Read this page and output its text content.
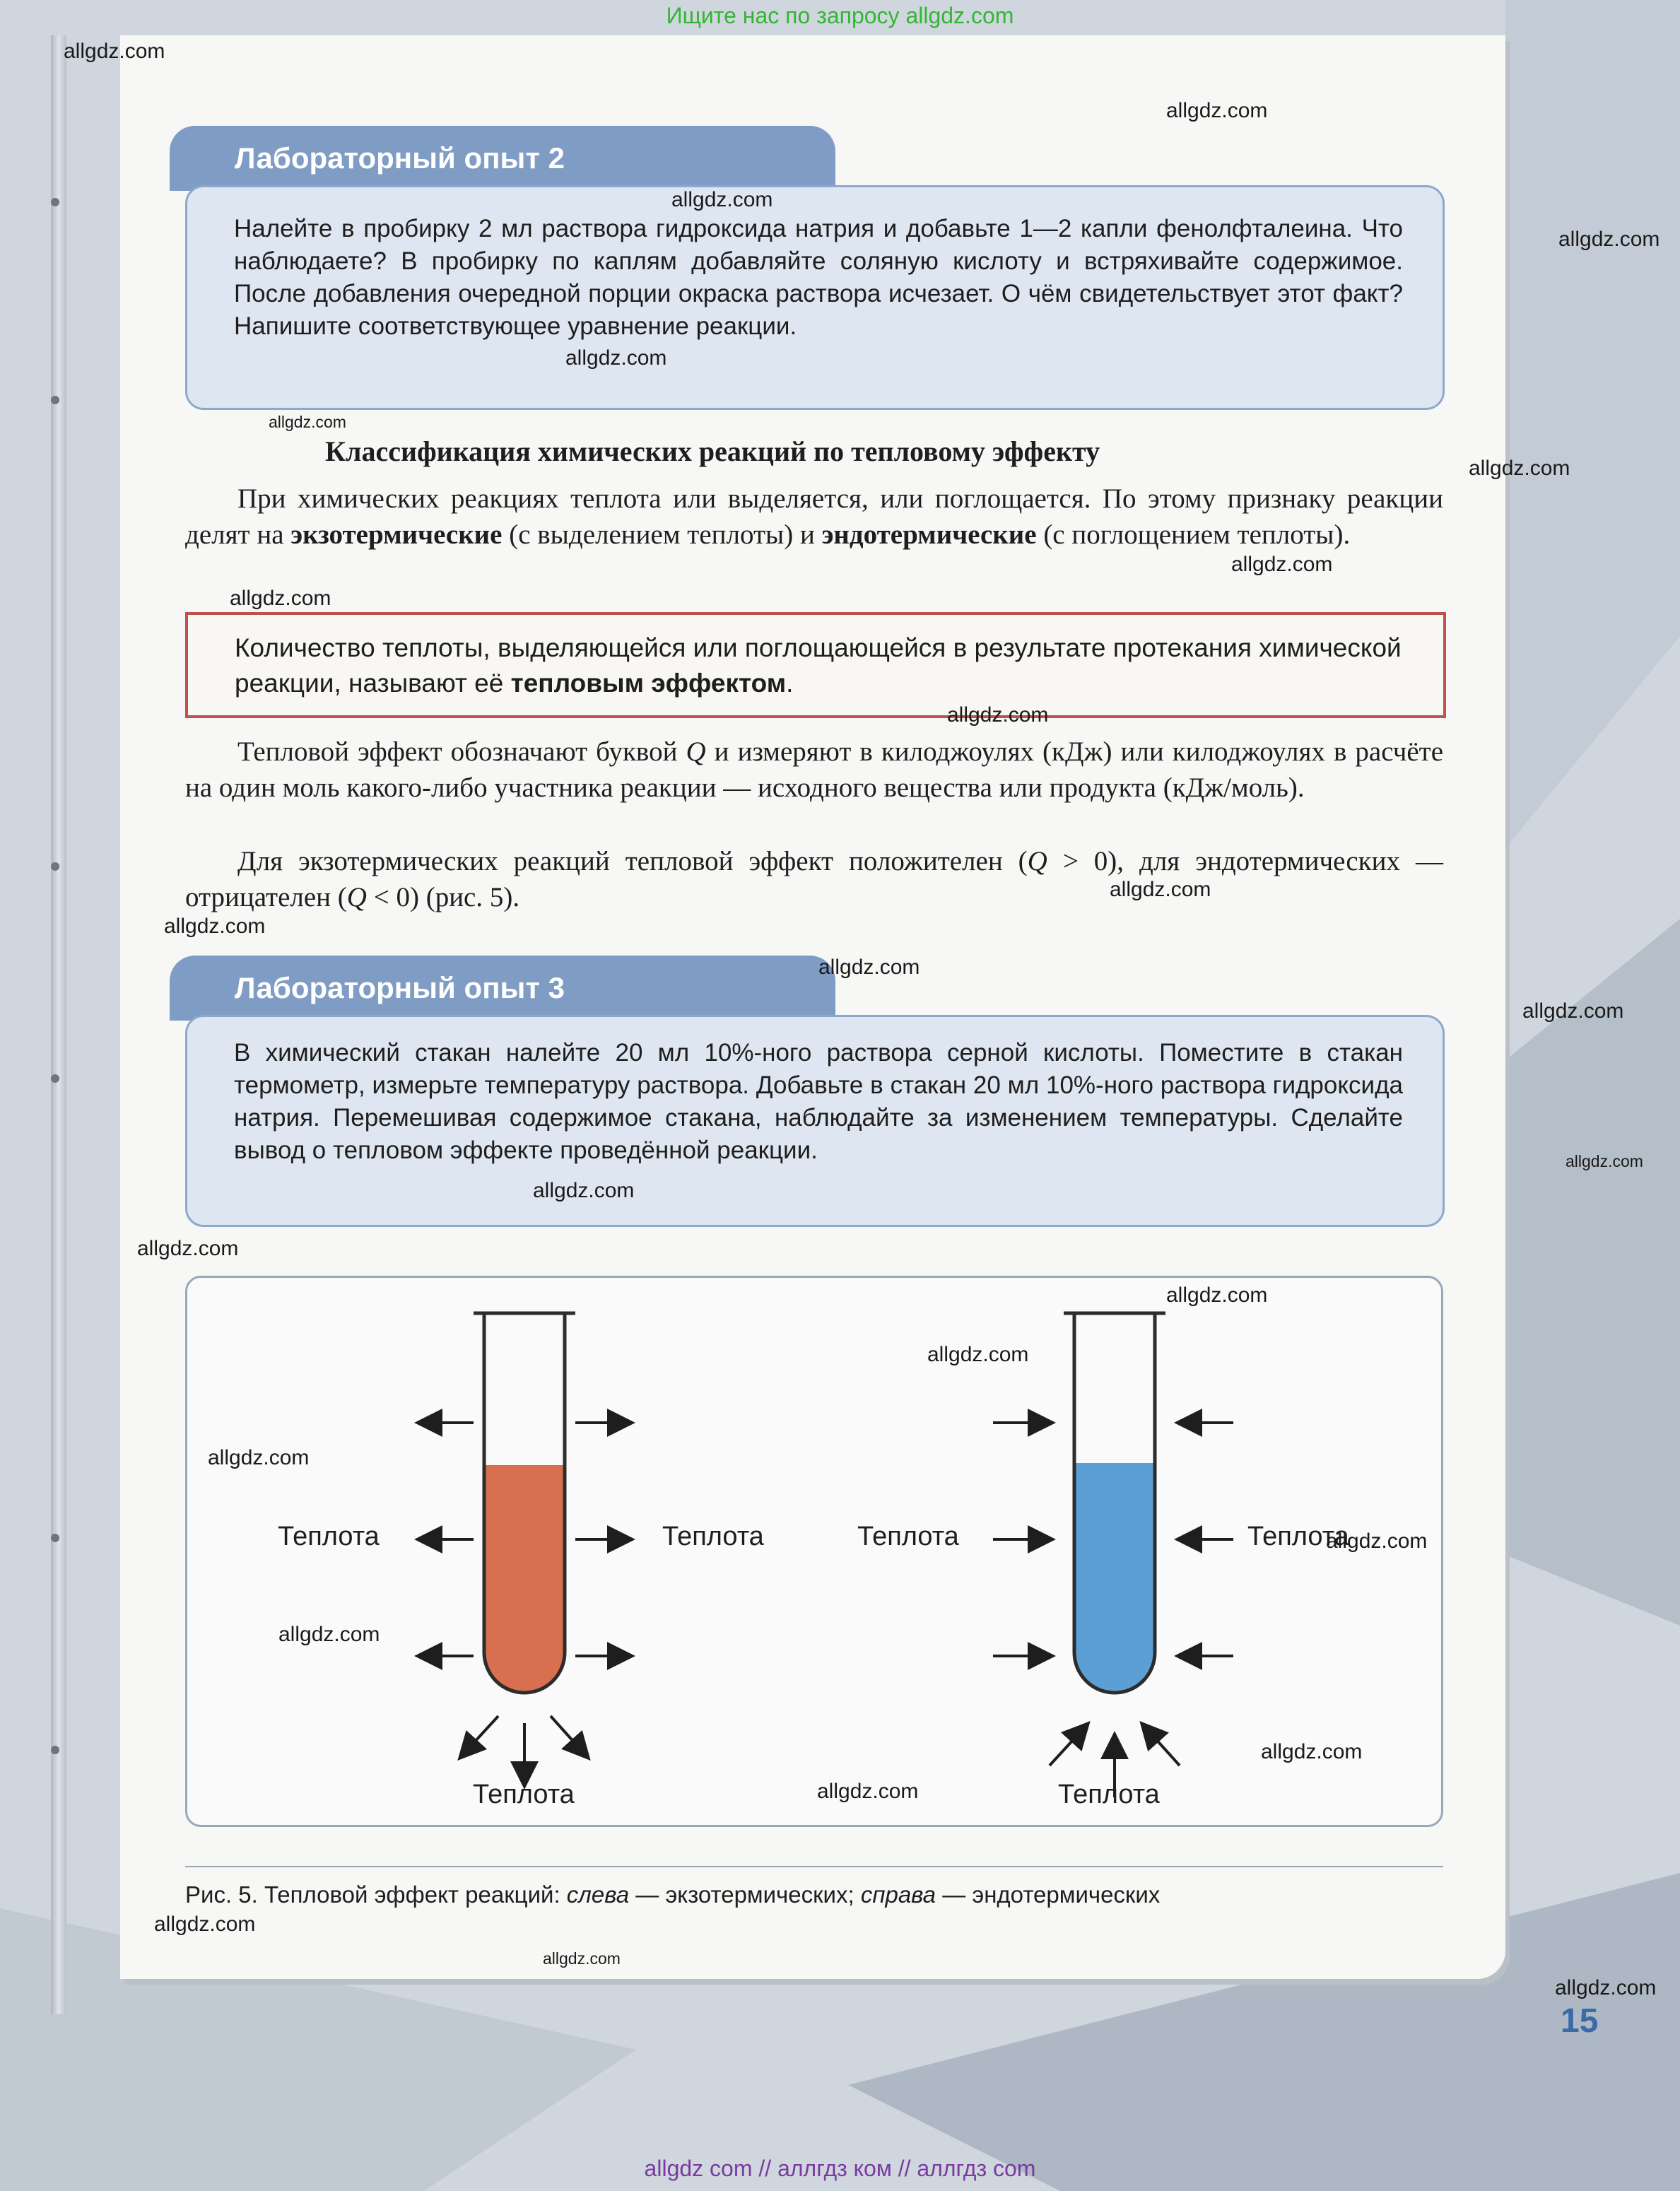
Ищите нас по запросу allgdz.com
Лабораторный опыт 2
Налейте в пробирку 2 мл раствора гидроксида натрия и добавьте 1—2 капли фенолфталеина. Что наблюдаете? В пробирку по каплям добавляйте соляную кислоту и встряхивайте содержимое. После добавления очередной порции окраска раствора исчезает. О чём свидетельствует этот факт? Напишите соответствующее уравнение реакции.
Классификация химических реакций по тепловому эффекту
При химических реакциях теплота или выделяется, или поглощается. По этому признаку реакции делят на экзотермические (с выделением теплоты) и эндотермические (с поглощением теплоты).
Количество теплоты, выделяющейся или поглощающейся в результате протекания химической реакции, называют её тепловым эффектом.
Тепловой эффект обозначают буквой Q и измеряют в килоджоулях (кДж) или килоджоулях в расчёте на один моль какого-либо участника реакции — исходного вещества или продукта (кДж/моль).
Для экзотермических реакций тепловой эффект положителен (Q > 0), для эндотермических — отрицателен (Q < 0) (рис. 5).
Лабораторный опыт 3
В химический стакан налейте 20 мл 10%-ного раствора серной кислоты. Поместите в стакан термометр, измерьте температуру раствора. Добавьте в стакан 20 мл 10%-ного раствора гидроксида натрия. Перемешивая содержимое стакана, наблюдайте за изменением температуры. Сделайте вывод о тепловом эффекте проведённой реакции.
Теплота	Теплота
Теплота
Теплота	Теплота
Теплота
Рис. 5. Тепловой эффект реакций: слева — экзотермических; справа — эндотермических
15
allgdz.com
allgdz.com
allgdz.com
allgdz.com
allgdz.com
allgdz.com
allgdz.com
allgdz.com
allgdz.com
allgdz.com
allgdz.com
allgdz.com
allgdz.com
allgdz.com
allgdz.com
allgdz.com
allgdz.com
allgdz.com
allgdz.com
allgdz.com
allgdz.com
allgdz.com
allgdz.com
allgdz.com
allgdz.com
allgdz.com
allgdz.com
allgdz com // аллгдз ком // аллгдз com
